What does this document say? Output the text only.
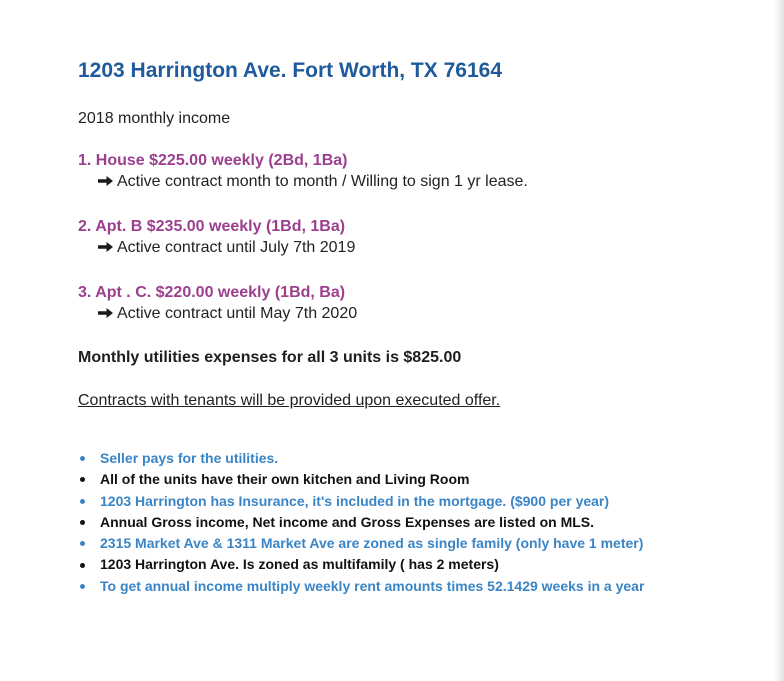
1203 Harrington Ave. Fort Worth, TX 76164
2018 monthly income
1. House $225.00 weekly (2Bd, 1Ba)
Active contract month to month / Willing to sign 1 yr lease.
2. Apt. B $235.00 weekly (1Bd, 1Ba)
Active contract until July 7th 2019
3. Apt . C. $220.00 weekly (1Bd, Ba)
Active contract until May 7th 2020
Monthly utilities expenses for all 3 units is $825.00
Contracts with tenants will be provided upon executed offer.
Seller pays for the utilities.
All of the units have their own kitchen and Living Room
1203 Harrington has Insurance, it's included in the mortgage. ($900 per year)
Annual Gross income, Net income and Gross Expenses are listed on MLS.
2315 Market Ave & 1311 Market Ave are zoned as single family (only have 1 meter)
1203 Harrington Ave. Is zoned as multifamily ( has 2 meters)
To get annual income multiply weekly rent amounts times 52.1429 weeks in a year
